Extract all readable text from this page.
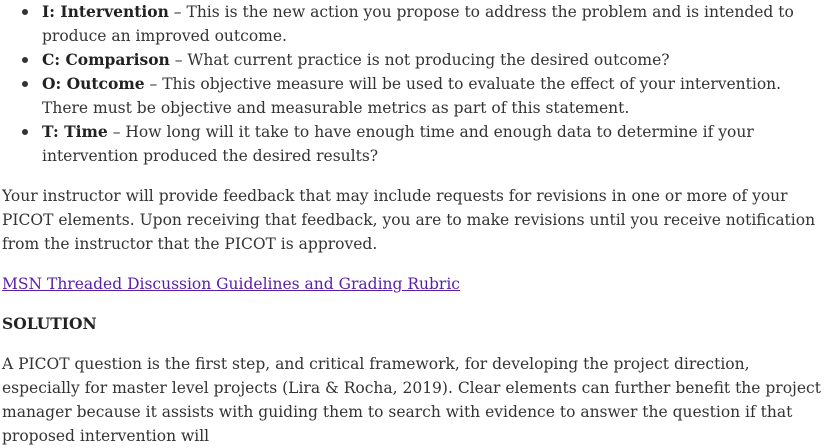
I: Intervention – This is the new action you propose to address the problem and is intended to produce an improved outcome.
C: Comparison – What current practice is not producing the desired outcome?
O: Outcome – This objective measure will be used to evaluate the effect of your intervention. There must be objective and measurable metrics as part of this statement.
T: Time – How long will it take to have enough time and enough data to determine if your intervention produced the desired results?

Your instructor will provide feedback that may include requests for revisions in one or more of your PICOT elements. Upon receiving that feedback, you are to make revisions until you receive notification from the instructor that the PICOT is approved.

MSN Threaded Discussion Guidelines and Grading Rubric

SOLUTION

A PICOT question is the first step, and critical framework, for developing the project direction, especially for master level projects (Lira & Rocha, 2019). Clear elements can further benefit the project manager because it assists with guiding them to search with evidence to answer the question if that proposed intervention will
